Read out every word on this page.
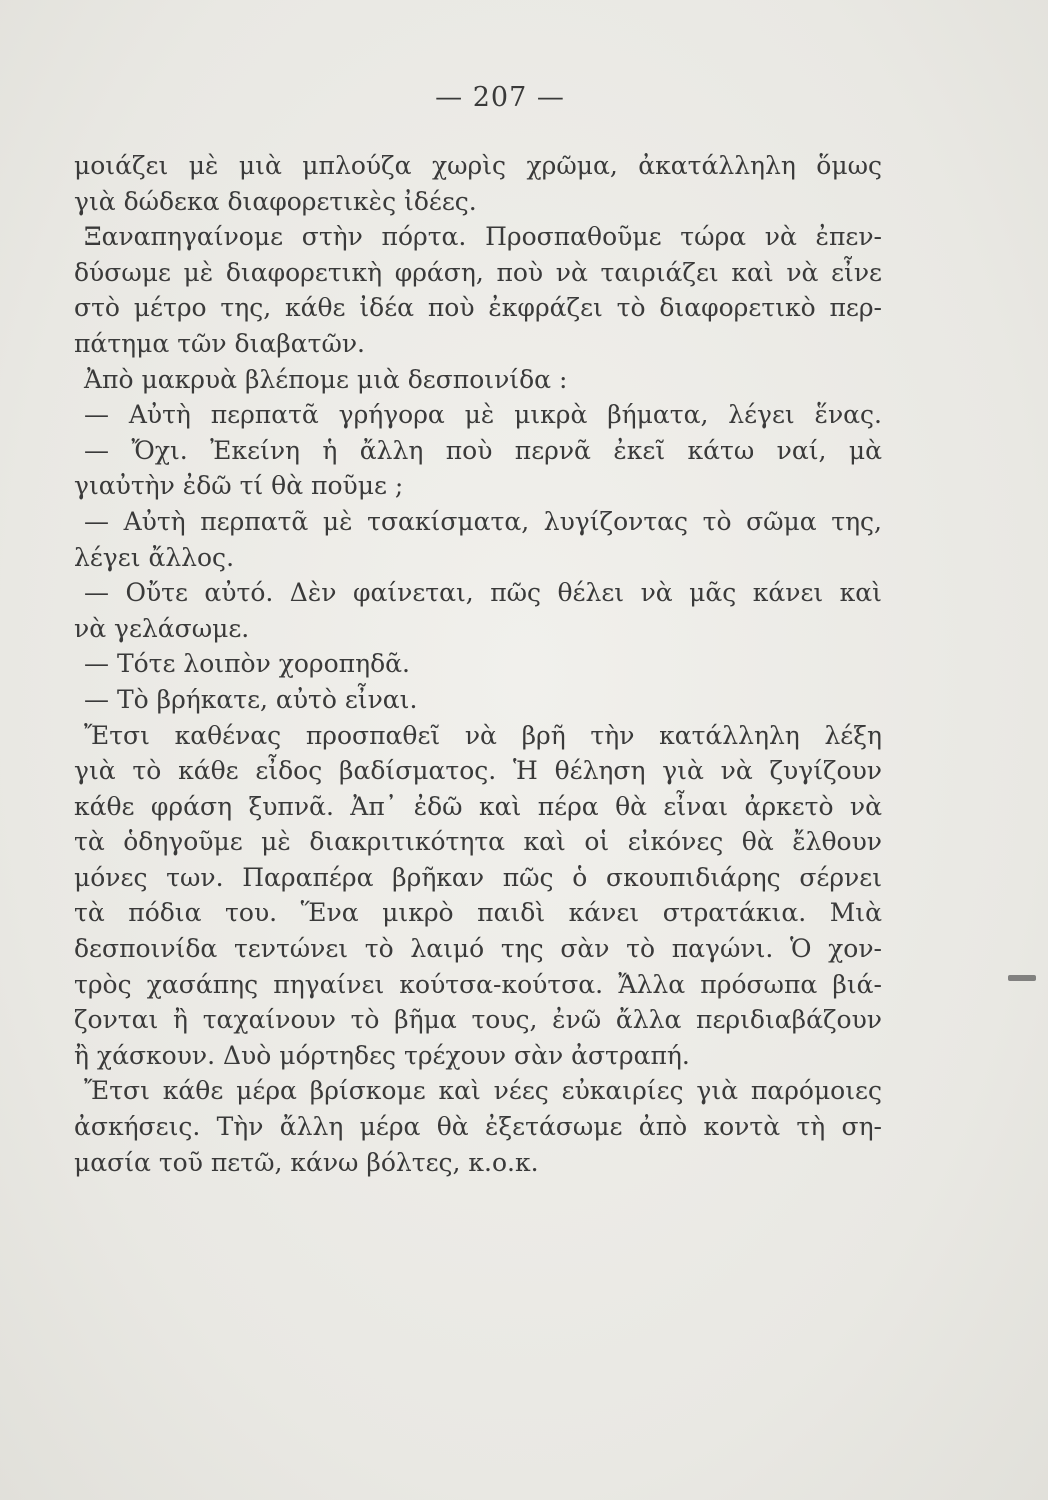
— 207 —
μοιάζει μὲ μιὰ μπλούζα χωρὶς χρῶμα, ἀκατάλληλη ὅμως
γιὰ δώδεκα διαφορετικὲς ἰδέες.
Ξαναπηγαίνομε στὴν πόρτα. Προσπαθοῦμε τώρα νὰ ἐπεν-
δύσωμε μὲ διαφορετικὴ φράση, ποὺ νὰ ταιριάζει καὶ νὰ εἶνε
στὸ μέτρο της, κάθε ἰδέα ποὺ ἐκφράζει τὸ διαφορετικὸ περ-
πάτημα τῶν διαβατῶν.
Ἀπὸ μακρυὰ βλέπομε μιὰ δεσποινίδα :
— Αὐτὴ περπατᾶ γρήγορα μὲ μικρὰ βήματα, λέγει ἕνας.
— Ὄχι. Ἐκείνη ἡ ἄλλη ποὺ περνᾶ ἐκεῖ κάτω ναί, μὰ
γιαὐτὴν ἐδῶ τί θὰ ποῦμε ;
— Αὐτὴ περπατᾶ μὲ τσακίσματα, λυγίζοντας τὸ σῶμα της,
λέγει ἄλλος.
— Οὔτε αὐτό. Δὲν φαίνεται, πῶς θέλει νὰ μᾶς κάνει καὶ
νὰ γελάσωμε.
— Τότε λοιπὸν χοροπηδᾶ.
— Τὸ βρήκατε, αὐτὸ εἶναι.
Ἔτσι καθένας προσπαθεῖ νὰ βρῆ τὴν κατάλληλη λέξη
γιὰ τὸ κάθε εἶδος βαδίσματος. Ἡ θέληση γιὰ νὰ ζυγίζουν
κάθε φράση ξυπνᾶ. Ἀπ᾿ ἐδῶ καὶ πέρα θὰ εἶναι ἀρκετὸ νὰ
τὰ ὁδηγοῦμε μὲ διακριτικότητα καὶ οἱ εἰκόνες θὰ ἔλθουν
μόνες των. Παραπέρα βρῆκαν πῶς ὁ σκουπιδιάρης σέρνει
τὰ πόδια του. Ἕνα μικρὸ παιδὶ κάνει στρατάκια. Μιὰ
δεσποινίδα τεντώνει τὸ λαιμό της σὰν τὸ παγώνι. Ὁ χον-
τρὸς χασάπης πηγαίνει κούτσα-κούτσα. Ἄλλα πρόσωπα βιά-
ζονται ἢ ταχαίνουν τὸ βῆμα τους, ἐνῶ ἄλλα περιδιαβάζουν
ἢ χάσκουν. Δυὸ μόρτηδες τρέχουν σὰν ἀστραπή.
Ἔτσι κάθε μέρα βρίσκομε καὶ νέες εὐκαιρίες γιὰ παρόμοιες
ἀσκήσεις. Τὴν ἄλλη μέρα θὰ ἐξετάσωμε ἀπὸ κοντὰ τὴ ση-
μασία τοῦ πετῶ, κάνω βόλτες, κ.ο.κ.
